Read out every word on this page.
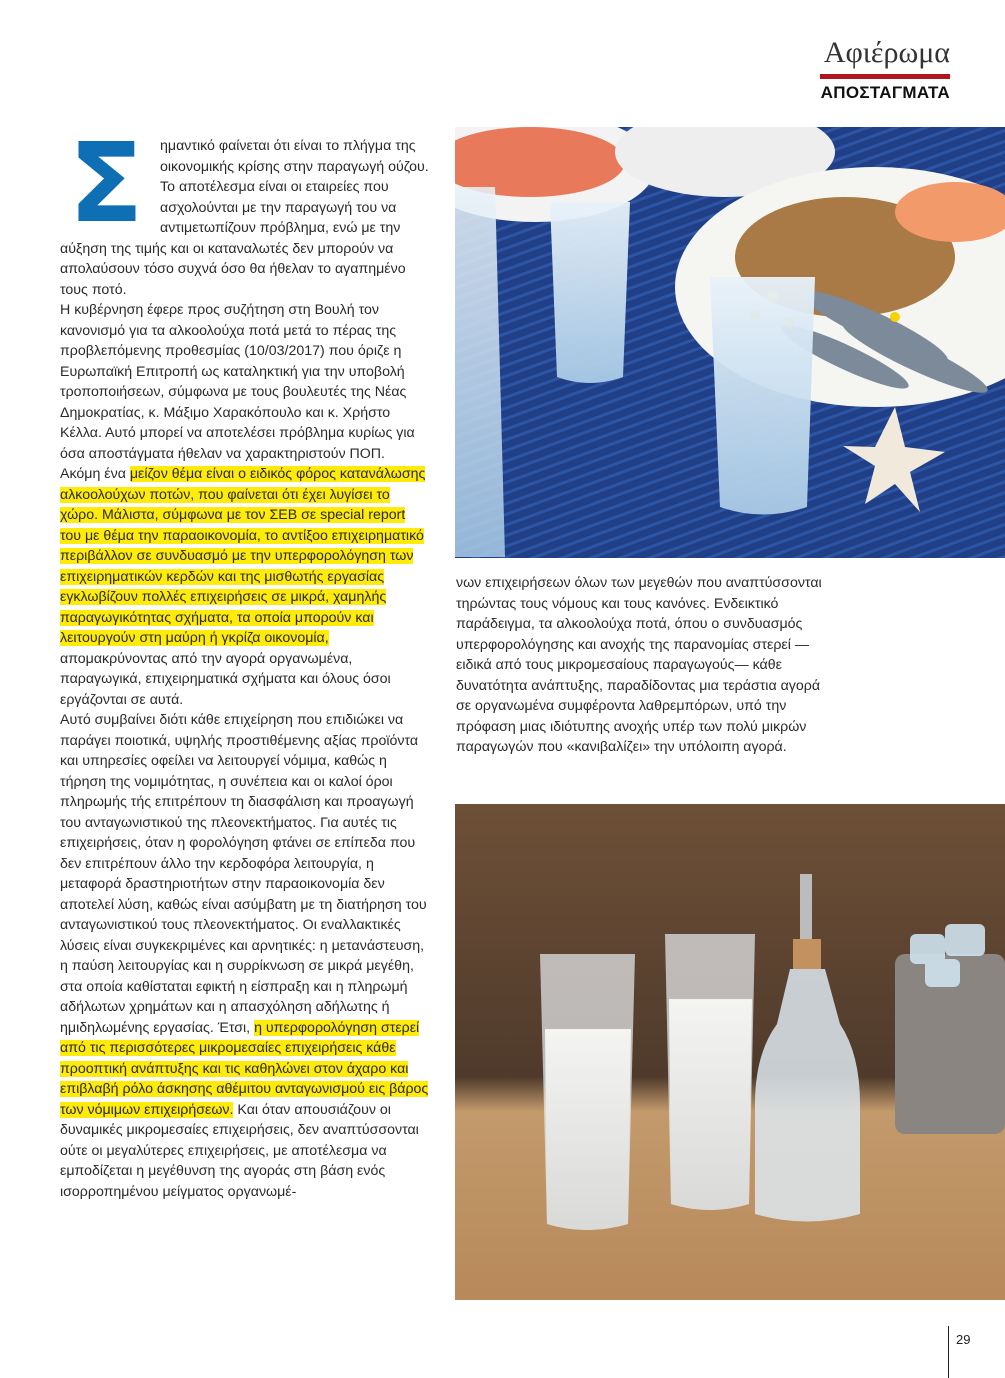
Αφιέρωμα
ΑΠΟΣΤΑΓΜΑΤΑ
Σ	ημαντικό φαίνεται ότι είναι το πλήγμα της οικονομικής κρίσης στην παραγωγή ούζου. Το αποτέλεσμα είναι οι εταιρείες που ασχολούνται με την παραγωγή του να αντιμετωπίζουν πρόβλημα, ενώ με την αύξηση της τιμής και οι καταναλωτές δεν μπορούν να απολαύσουν τόσο συχνά όσο θα ήθελαν το αγαπημένο τους ποτό.

Η κυβέρνηση έφερε προς συζήτηση στη Βουλή τον κανονισμό για τα αλκοολούχα ποτά μετά το πέρας της προβλεπόμενης προθεσμίας (10/03/2017) που όριζε η Ευρωπαϊκή Επιτροπή ως καταληκτική για την υποβολή τροποποιήσεων, σύμφωνα με τους βουλευτές της Νέας Δημοκρατίας, κ. Μάξιμο Χαρακόπουλο και κ. Χρήστο Κέλλα. Αυτό μπορεί να αποτελέσει πρόβλημα κυρίως για όσα αποστάγματα ήθελαν να χαρακτηριστούν ΠΟΠ.

Ακόμη ένα μείζον θέμα είναι ο ειδικός φόρος κατανάλωσης αλκοολούχων ποτών, που φαίνεται ότι έχει λυγίσει το χώρο. Μάλιστα, σύμφωνα με τον ΣΕΒ σε special report του με θέμα την παραοικονομία, το αντίξοο επιχειρηματικό περιβάλλον σε συνδυασμό με την υπερφορολόγηση των επιχειρηματικών κερδών και της μισθωτής εργασίας εγκλωβίζουν πολλές επιχειρήσεις σε μικρά, χαμηλής παραγωγικότητας σχήματα, τα οποία μπορούν και λειτουργούν στη μαύρη ή γκρίζα οικονομία, απομακρύνοντας από την αγορά οργανωμένα, παραγωγικά, επιχειρηματικά σχήματα και όλους όσοι εργάζονται σε αυτά.

Αυτό συμβαίνει διότι κάθε επιχείρηση που επιδιώκει να παράγει ποιοτικά, υψηλής προστιθέμενης αξίας προϊόντα και υπηρεσίες οφείλει να λειτουργεί νόμιμα, καθώς η τήρηση της νομιμότητας, η συνέπεια και οι καλοί όροι πληρωμής τής επιτρέπουν τη διασφάλιση και προαγωγή του ανταγωνιστικού της πλεονεκτήματος. Για αυτές τις επιχειρήσεις, όταν η φορολόγηση φτάνει σε επίπεδα που δεν επιτρέπουν άλλο την κερδοφόρα λειτουργία, η μεταφορά δραστηριοτήτων στην παραοικονομία δεν αποτελεί λύση, καθώς είναι ασύμβατη με τη διατήρηση του ανταγωνιστικού τους πλεονεκτήματος. Οι εναλλακτικές λύσεις είναι συγκεκριμένες και αρνητικές: η μετανάστευση, η παύση λειτουργίας και η συρρίκνωση σε μικρά μεγέθη, στα οποία καθίσταται εφικτή η είσπραξη και η πληρωμή αδήλωτων χρημάτων και η απασχόληση αδήλωτης ή ημιδηλωμένης εργασίας. Έτσι, η υπερφορολόγηση στερεί από τις περισσότερες μικρομεσαίες επιχειρήσεις κάθε προοπτική ανάπτυξης και τις καθηλώνει στον άχαρο και επιβλαβή ρόλο άσκησης αθέμιτου ανταγωνισμού εις βάρος των νόμιμων επιχειρήσεων. Και όταν απουσιάζουν οι δυναμικές μικρομεσαίες επιχειρήσεις, δεν αναπτύσσονται ούτε οι μεγαλύτερες επιχειρήσεις, με αποτέλεσμα να εμποδίζεται η μεγέθυνση της αγοράς στη βάση ενός ισορροπημένου μείγματος οργανωμέ-

νων επιχειρήσεων όλων των μεγεθών που αναπτύσσονται τηρώντας τους νόμους και τους κανόνες. Ενδεικτικό παράδειγμα, τα αλκοολούχα ποτά, όπου ο συνδυασμός υπερφορολόγησης και ανοχής της παρανομίας στερεί —ειδικά από τους μικρομεσαίους παραγωγούς— κάθε δυνατότητα ανάπτυξης, παραδίδοντας μια τεράστια αγορά σε οργανωμένα συμφέροντα λαθρεμπόρων, υπό την πρόφαση μιας ιδιότυπης ανοχής υπέρ των πολύ μικρών παραγωγών που «κανιβαλίζει» την υπόλοιπη αγορά.

29
